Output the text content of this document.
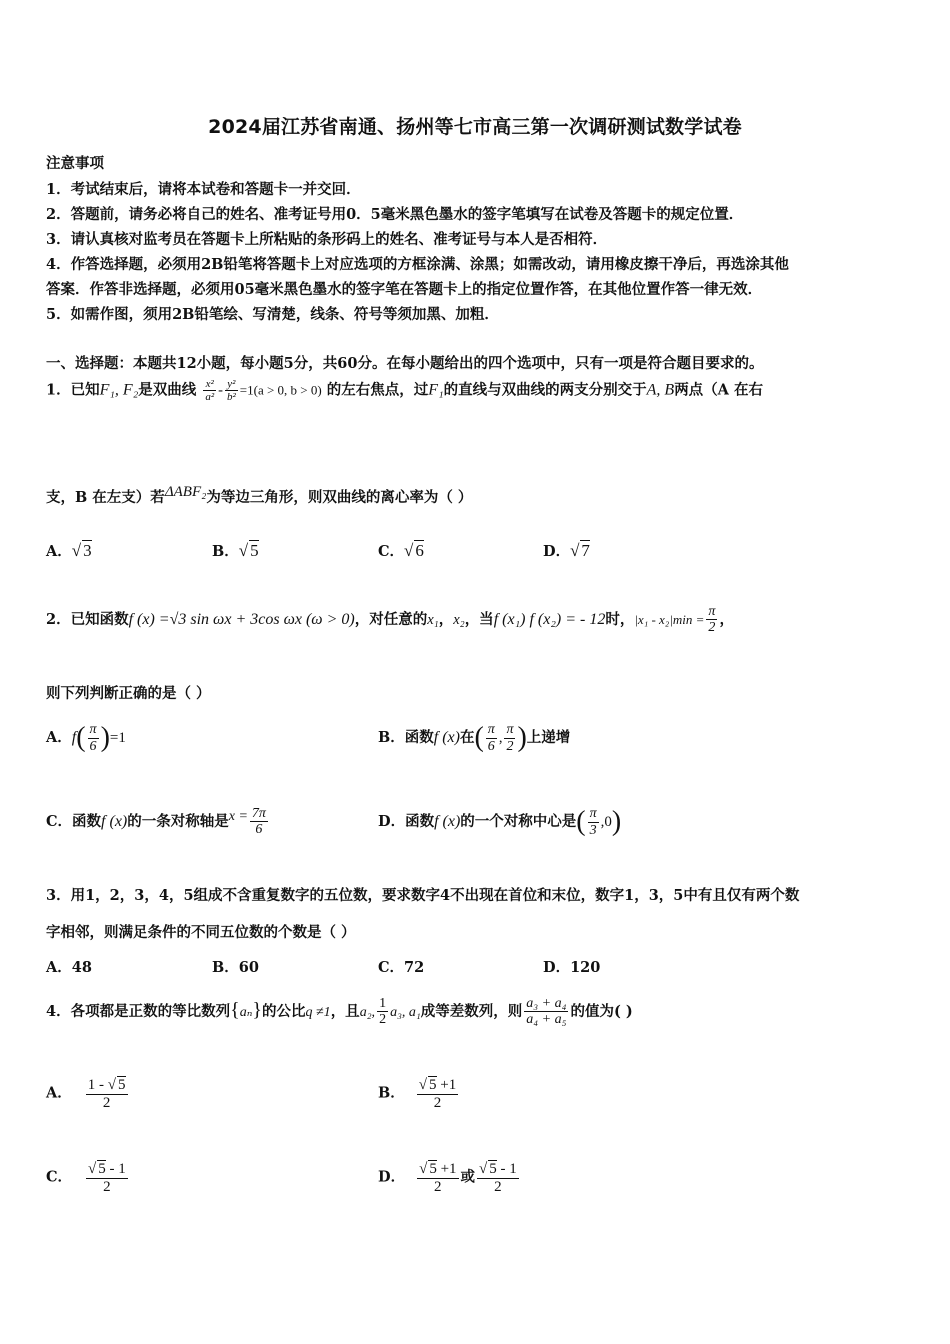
2024届江苏省南通、扬州等七市高三第一次调研测试数学试卷
注意事项
1．考试结束后，请将本试卷和答题卡一并交回．
2．答题前，请务必将自己的姓名、准考证号用0．5毫米黑色墨水的签字笔填写在试卷及答题卡的规定位置．
3．请认真核对监考员在答题卡上所粘贴的条形码上的姓名、准考证号与本人是否相符．
4．作答选择题，必须用2B铅笔将答题卡上对应选项的方框涂满、涂黑；如需改动，请用橡皮擦干净后，再选涂其他
答案．作答非选择题，必须用05毫米黑色墨水的签字笔在答题卡上的指定位置作答，在其他位置作答一律无效．
5．如需作图，须用2B铅笔绘、写清楚，线条、符号等须加黑、加粗．
一、选择题：本题共12小题，每小题5分，共60分。在每小题给出的四个选项中，只有一项是符合题目要求的。
1．已知F₁, F₂是双曲线 $\frac{\text{x²}}{\text{a²}} - \frac{\text{y²}}{\text{b²}} =1(a > 0$, b > 0) 的左右焦点，过F₁的直线与双曲线的两支分别交于A, B两点（A 在右
支，B 在左支）若ΔABF₂为等边三角形，则双曲线的离心率为（ ）
A．√ 3	B．√ 5	C．√ 6	D．√ 7
2．已知函数f (x) =√3 sin ωx + 3cos ωx (ω > 0)，对任意的x₁，x₂，当f (x₁) f (x₂) = - 12时，$|x_1 - x_2|\min = \frac{\pi}{2}$ ，
则下列判断正确的是（ ）
A．$f( \frac{\pi}{6} )=1$	B．函数f (x)在( $\frac{\pi}{6}$ , $\frac{\pi}{2}$ )上递增
C．函数f (x)的一条对称轴是$x = \frac{7\pi}{6}$	D．函数f (x)的一个对称中心是( $\frac{\pi}{3} ,0$)
3．用1，2，3，4，5组成不含重复数字的五位数，要求数字4不出现在首位和末位，数字1，3，5中有且仅有两个数
字相邻，则满足条件的不同五位数的个数是（ ）
A．48	B．60	C．72	D．120
4．各项都是正数的等比数列{aₙ}的公比q ≠1，且a₂, $\frac{1}{2} a_3$, a₁成等差数列，则 $\frac{\text{a₃ + a₄}}{\text{a₄ + a₅}}$ 的值为( )
A． $\frac{1 - √ 5}{2}$	B． $\frac{√ 5 +1}{2}$
C． $\frac{√ 5 - 1}{2}$	D． $\frac{√ 5 +1}{2}$ 或 $\frac{√ 5 - 1}{2}$
